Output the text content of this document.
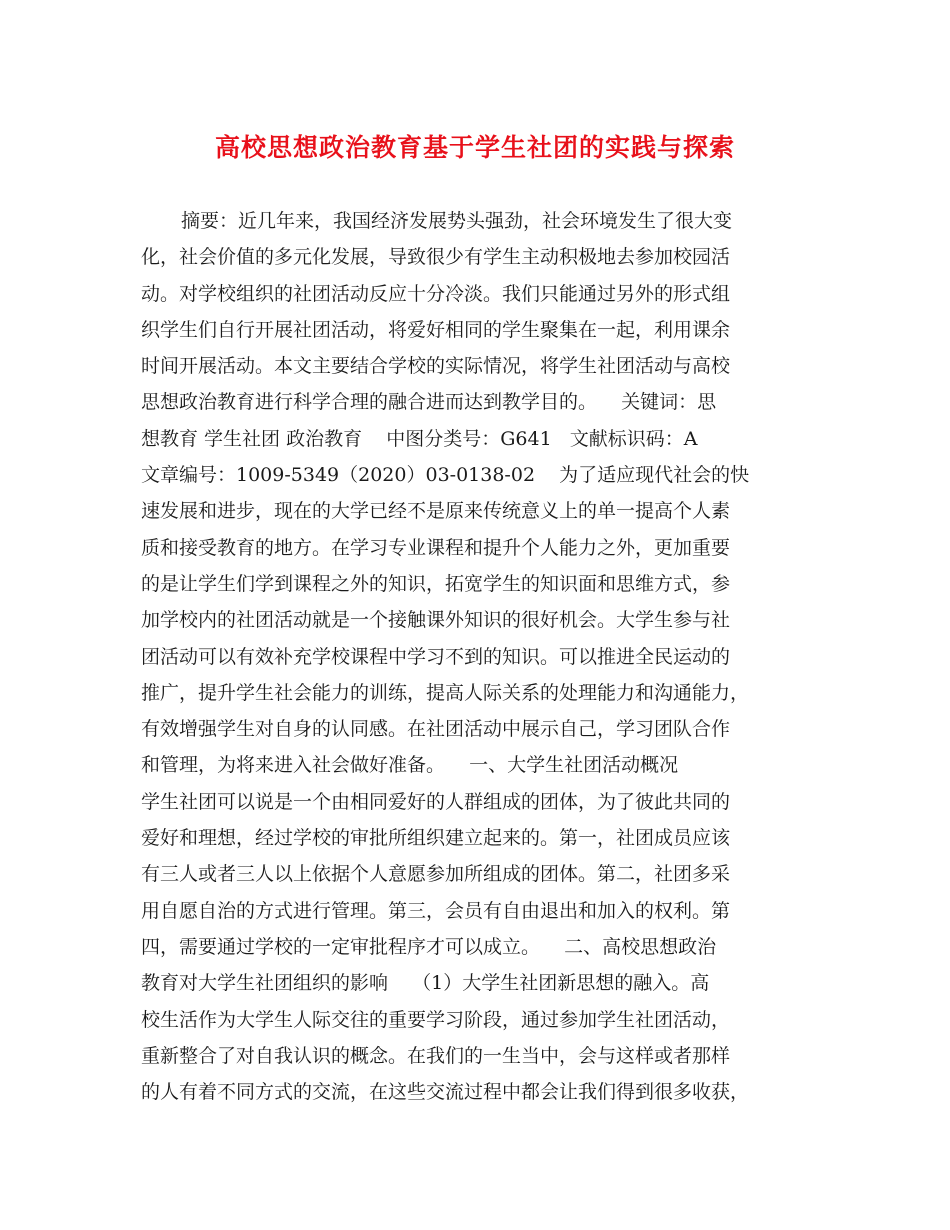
高校思想政治教育基于学生社团的实践与探索
摘要：近几年来，我国经济发展势头强劲，社会环境发生了很大变
化，社会价值的多元化发展，导致很少有学生主动积极地去参加校园活
动。对学校组织的社团活动反应十分冷淡。我们只能通过另外的形式组
织学生们自行开展社团活动，将爱好相同的学生聚集在一起，利用课余
时间开展活动。本文主要结合学校的实际情况，将学生社团活动与高校
思想政治教育进行科学合理的融合进而达到教学目的。    关键词：思
想教育 学生社团 政治教育    中图分类号：G641   文献标识码：A
文章编号：1009-5349（2020）03-0138-02    为了适应现代社会的快
速发展和进步，现在的大学已经不是原来传统意义上的单一提高个人素
质和接受教育的地方。在学习专业课程和提升个人能力之外，更加重要
的是让学生们学到课程之外的知识，拓宽学生的知识面和思维方式，参
加学校内的社团活动就是一个接触课外知识的很好机会。大学生参与社
团活动可以有效补充学校课程中学习不到的知识。可以推进全民运动的
推广，提升学生社会能力的训练，提高人际关系的处理能力和沟通能力，
有效增强学生对自身的认同感。在社团活动中展示自己，学习团队合作
和管理，为将来进入社会做好准备。    一、大学生社团活动概况
学生社团可以说是一个由相同爱好的人群组成的团体，为了彼此共同的
爱好和理想，经过学校的审批所组织建立起来的。第一，社团成员应该
有三人或者三人以上依据个人意愿参加所组成的团体。第二，社团多采
用自愿自治的方式进行管理。第三，会员有自由退出和加入的权利。第
四，需要通过学校的一定审批程序才可以成立。    二、高校思想政治
教育对大学生社团组织的影响    （1）大学生社团新思想的融入。高
校生活作为大学生人际交往的重要学习阶段，通过参加学生社团活动，
重新整合了对自我认识的概念。在我们的一生当中，会与这样或者那样
的人有着不同方式的交流，在这些交流过程中都会让我们得到很多收获，
